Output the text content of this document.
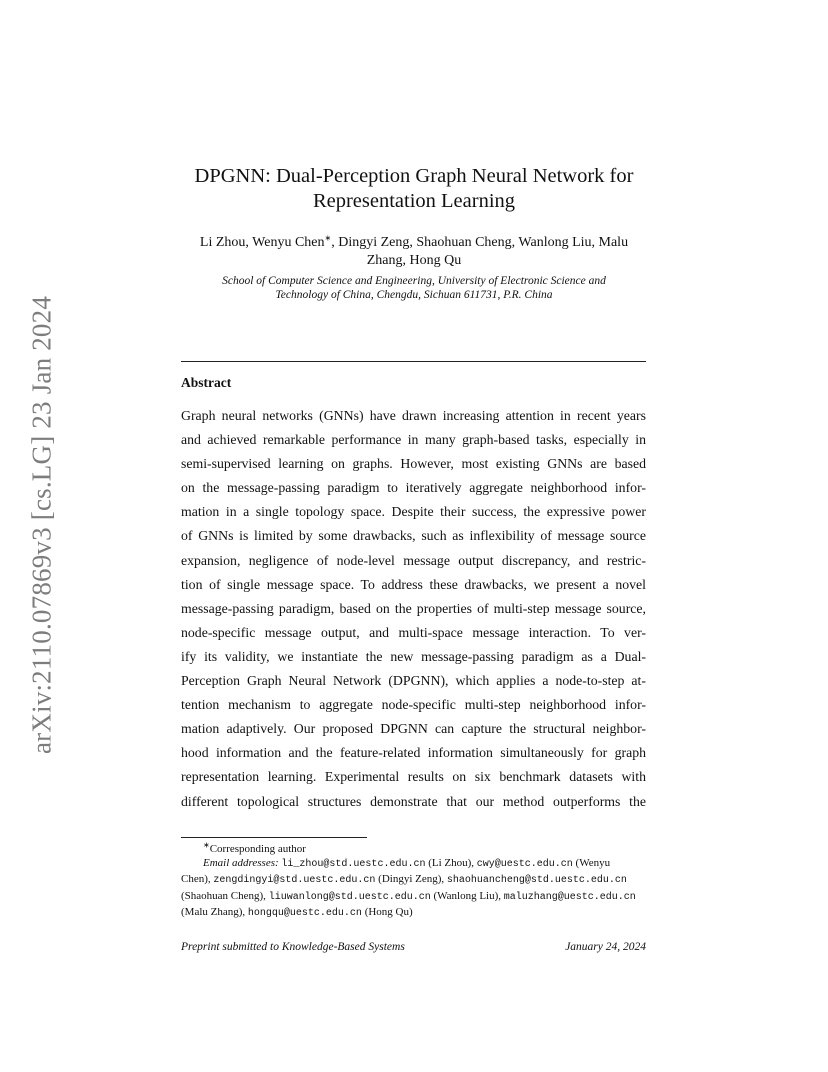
arXiv:2110.07869v3 [cs.LG] 23 Jan 2024
DPGNN: Dual-Perception Graph Neural Network for
Representation Learning
Li Zhou, Wenyu Chen∗, Dingyi Zeng, Shaohuan Cheng, Wanlong Liu, Malu
Zhang, Hong Qu
School of Computer Science and Engineering, University of Electronic Science and
Technology of China, Chengdu, Sichuan 611731, P.R. China
Abstract
Graph neural networks (GNNs) have drawn increasing attention in recent years
and achieved remarkable performance in many graph-based tasks, especially in
semi-supervised learning on graphs. However, most existing GNNs are based
on the message-passing paradigm to iteratively aggregate neighborhood infor-
mation in a single topology space. Despite their success, the expressive power
of GNNs is limited by some drawbacks, such as inflexibility of message source
expansion, negligence of node-level message output discrepancy, and restric-
tion of single message space. To address these drawbacks, we present a novel
message-passing paradigm, based on the properties of multi-step message source,
node-specific message output, and multi-space message interaction. To ver-
ify its validity, we instantiate the new message-passing paradigm as a Dual-
Perception Graph Neural Network (DPGNN), which applies a node-to-step at-
tention mechanism to aggregate node-specific multi-step neighborhood infor-
mation adaptively. Our proposed DPGNN can capture the structural neighbor-
hood information and the feature-related information simultaneously for graph
representation learning. Experimental results on six benchmark datasets with
different topological structures demonstrate that our method outperforms the
∗Corresponding author
Email addresses: li_zhou@std.uestc.edu.cn (Li Zhou), cwy@uestc.edu.cn (Wenyu
Chen), zengdingyi@std.uestc.edu.cn (Dingyi Zeng), shaohuancheng@std.uestc.edu.cn
(Shaohuan Cheng), liuwanlong@std.uestc.edu.cn (Wanlong Liu), maluzhang@uestc.edu.cn
(Malu Zhang), hongqu@uestc.edu.cn (Hong Qu)
Preprint submitted to Knowledge-Based Systems	January 24, 2024
